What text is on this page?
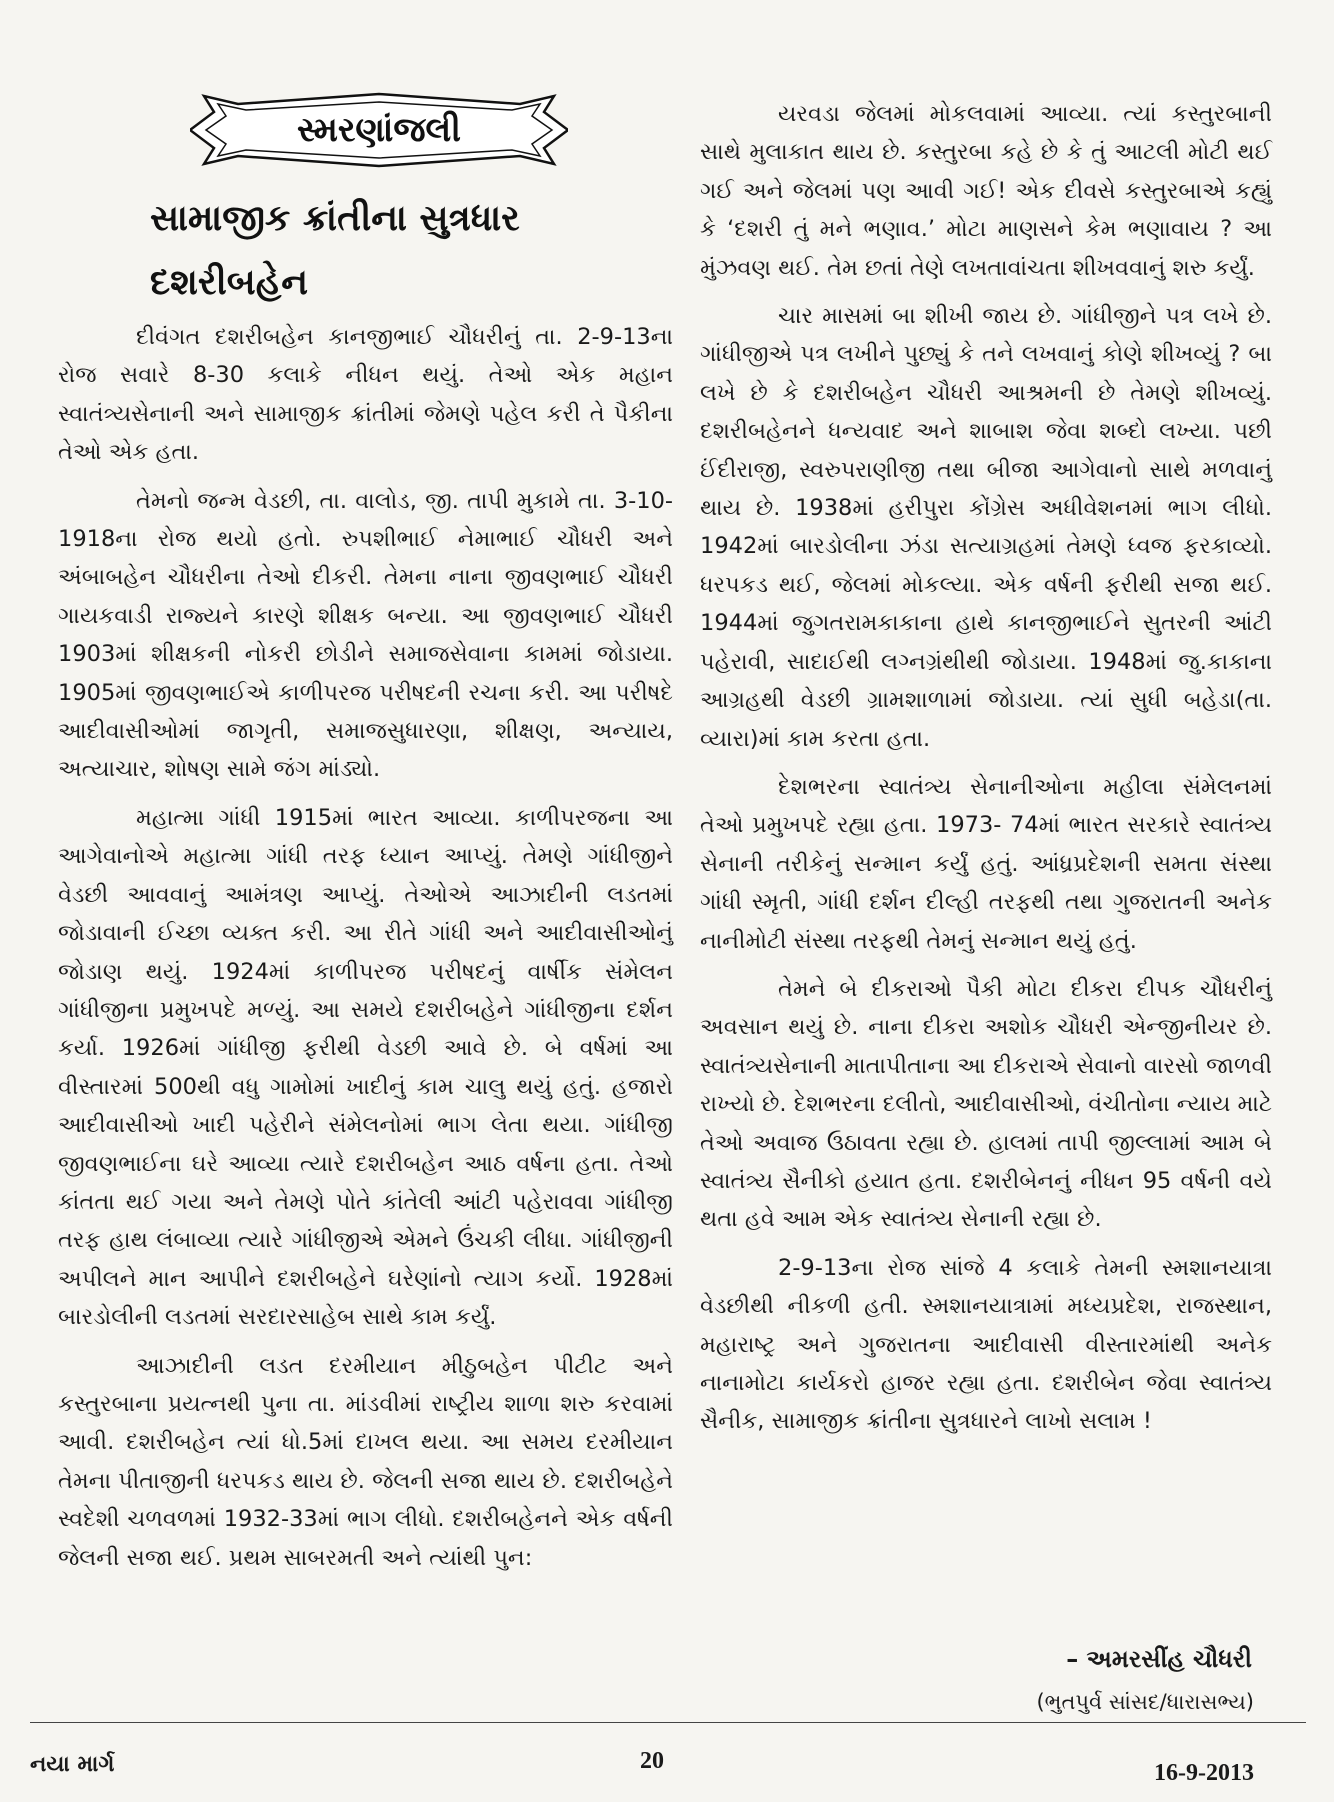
સ્મરણાંજલી
સામાજીક ક્રાંતીના સુત્રધાર
દશરીબહેન

દીવંગત દશરીબહેન કાનજીભાઈ ચૌધરીનું તા. 2-9-13ના રોજ સવારે 8-30 કલાકે નીધન થયું. તેઓ એક મહાન સ્વાતંત્ર્યસેનાની અને સામાજીક ક્રાંતીમાં જેમણે પહેલ કરી તે પૈકીના તેઓ એક હતા.

તેમનો જન્મ વેડછી, તા. વાલોડ, જી. તાપી મુકામે તા. 3-10-1918ના રોજ થયો હતો. રુપશીભાઈ નેમાભાઈ ચૌધરી અને અંબાબહેન ચૌધરીના તેઓ દીકરી. તેમના નાના જીવણભાઈ ચૌધરી ગાયકવાડી રાજ્યને કારણે શીક્ષક બન્યા. આ જીવણભાઈ ચૌધરી 1903માં શીક્ષકની નોકરી છોડીને સમાજસેવાના કામમાં જોડાયા. 1905માં જીવણભાઈએ કાળીપરજ પરીષદની રચના કરી. આ પરીષદે આદીવાસીઓમાં જાગૃતી, સમાજસુધારણા, શીક્ષણ, અન્યાય, અત્યાચાર, શોષણ સામે જંગ માંડ્યો.

મહાત્મા ગાંધી 1915માં ભારત આવ્યા. કાળીપરજના આ આગેવાનોએ મહાત્મા ગાંધી તરફ ધ્યાન આપ્યું. તેમણે ગાંધીજીને વેડછી આવવાનું આમંત્રણ આપ્યું. તેઓએ આઝાદીની લડતમાં જોડાવાની ઈચ્છા વ્યક્ત કરી. આ રીતે ગાંધી અને આદીવાસીઓનું જોડાણ થયું. 1924માં કાળીપરજ પરીષદનું વાર્ષીક સંમેલન ગાંધીજીના પ્રમુખપદે મળ્યું. આ સમયે દશરીબહેને ગાંધીજીના દર્શન કર્યા. 1926માં ગાંધીજી ફરીથી વેડછી આવે છે. બે વર્ષમાં આ વીસ્તારમાં 500થી વધુ ગામોમાં ખાદીનું કામ ચાલુ થયું હતું. હજારો આદીવાસીઓ ખાદી પહેરીને સંમેલનોમાં ભાગ લેતા થયા. ગાંધીજી જીવણભાઈના ઘરે આવ્યા ત્યારે દશરીબહેન આઠ વર્ષના હતા. તેઓ કાંતતા થઈ ગયા અને તેમણે પોતે કાંતેલી આંટી પહેરાવવા ગાંધીજી તરફ હાથ લંબાવ્યા ત્યારે ગાંધીજીએ એમને ઉંચકી લીધા. ગાંધીજીની અપીલને માન આપીને દશરીબહેને ઘરેણાંનો ત્યાગ કર્યો. 1928માં બારડોલીની લડતમાં સરદારસાહેબ સાથે કામ કર્યું.

આઝાદીની લડત દરમીયાન મીઠુબહેન પીટીટ અને કસ્તુરબાના પ્રયત્નથી પુના તા. માંડવીમાં રાષ્ટ્રીય શાળા શરુ કરવામાં આવી. દશરીબહેન ત્યાં ધો.5માં દાખલ થયા. આ સમય દરમીયાન તેમના પીતાજીની ધરપકડ થાય છે. જેલની સજા થાય છે. દશરીબહેને સ્વદેશી ચળવળમાં 1932-33માં ભાગ લીધો. દશરીબહેનને એક વર્ષની જેલની સજા થઈ. પ્રથમ સાબરમતી અને ત્યાંથી પુન:

યરવડા જેલમાં મોકલવામાં આવ્યા. ત્યાં કસ્તુરબાની સાથે મુલાકાત થાય છે. કસ્તુરબા કહે છે કે તું આટલી મોટી થઈ ગઈ અને જેલમાં પણ આવી ગઈ! એક દીવસે કસ્તુરબાએ કહ્યું કે ‘દશરી તું મને ભણાવ.’ મોટા માણસને કેમ ભણાવાય ? આ મુંઝવણ થઈ. તેમ છતાં તેણે લખતાવાંચતા શીખવવાનું શરુ કર્યું.

ચાર માસમાં બા શીખી જાય છે. ગાંધીજીને પત્ર લખે છે. ગાંધીજીએ પત્ર લખીને પુછ્યું કે તને લખવાનું કોણે શીખવ્યું ? બા લખે છે કે દશરીબહેન ચૌધરી આશ્રમની છે તેમણે શીખવ્યું. દશરીબહેનને ધન્યવાદ અને શાબાશ જેવા શબ્દો લખ્યા. પછી ઈંદીરાજી, સ્વરુપરાણીજી તથા બીજા આગેવાનો સાથે મળવાનું થાય છે. 1938માં હરીપુરા કોંગ્રેસ અધીવેશનમાં ભાગ લીધો. 1942માં બારડોલીના ઝંડા સત્યાગ્રહમાં તેમણે ધ્વજ ફરકાવ્યો. ધરપકડ થઈ, જેલમાં મોકલ્યા. એક વર્ષની ફરીથી સજા થઈ. 1944માં જુગતરામકાકાના હાથે કાનજીભાઈને સુતરની આંટી પહેરાવી, સાદાઈથી લગ્નગ્રંથીથી જોડાયા. 1948માં જુ.કાકાના આગ્રહથી વેડછી ગ્રામશાળામાં જોડાયા. ત્યાં સુધી બહેડા(તા. વ્યારા)માં કામ કરતા હતા.

દેશભરના સ્વાતંત્ર્ય સેનાનીઓના મહીલા સંમેલનમાં તેઓ પ્રમુખપદે રહ્યા હતા. 1973- 74માં ભારત સરકારે સ્વાતંત્ર્ય સેનાની તરીકેનું સન્માન કર્યું હતું. આંધ્રપ્રદેશની સમતા સંસ્થા ગાંધી સ્મૃતી, ગાંધી દર્શન દીલ્હી તરફથી તથા ગુજરાતની અનેક નાનીમોટી સંસ્થા તરફથી તેમનું સન્માન થયું હતું.

તેમને બે દીકરાઓ પૈકી મોટા દીકરા દીપક ચૌધરીનું અવસાન થયું છે. નાના દીકરા અશોક ચૌધરી એન્જીનીયર છે. સ્વાતંત્ર્યસેનાની માતાપીતાના આ દીકરાએ સેવાનો વારસો જાળવી રાખ્યો છે. દેશભરના દલીતો, આદીવાસીઓ, વંચીતોના ન્યાય માટે તેઓ અવાજ ઉઠાવતા રહ્યા છે. હાલમાં તાપી જીલ્લામાં આમ બે સ્વાતંત્ર્ય સૈનીકો હયાત હતા. દશરીબેનનું નીધન 95 વર્ષની વયે થતા હવે આમ એક સ્વાતંત્ર્ય સેનાની રહ્યા છે.

2-9-13ના રોજ સાંજે 4 કલાકે તેમની સ્મશાનયાત્રા વેડછીથી નીકળી હતી. સ્મશાનયાત્રામાં મધ્યપ્રદેશ, રાજસ્થાન, મહારાષ્ટ્ર અને ગુજરાતના આદીવાસી વીસ્તારમાંથી અનેક નાનામોટા કાર્યકરો હાજર રહ્યા હતા. દશરીબેન જેવા સ્વાતંત્ર્ય સૈનીક, સામાજીક ક્રાંતીના સુત્રધારને લાખો સલામ !

– અમરસીંહ ચૌધરી
(ભુતપુર્વ સાંસદ/ધારાસભ્ય)
નયા માર્ગ	20	16-9-2013
